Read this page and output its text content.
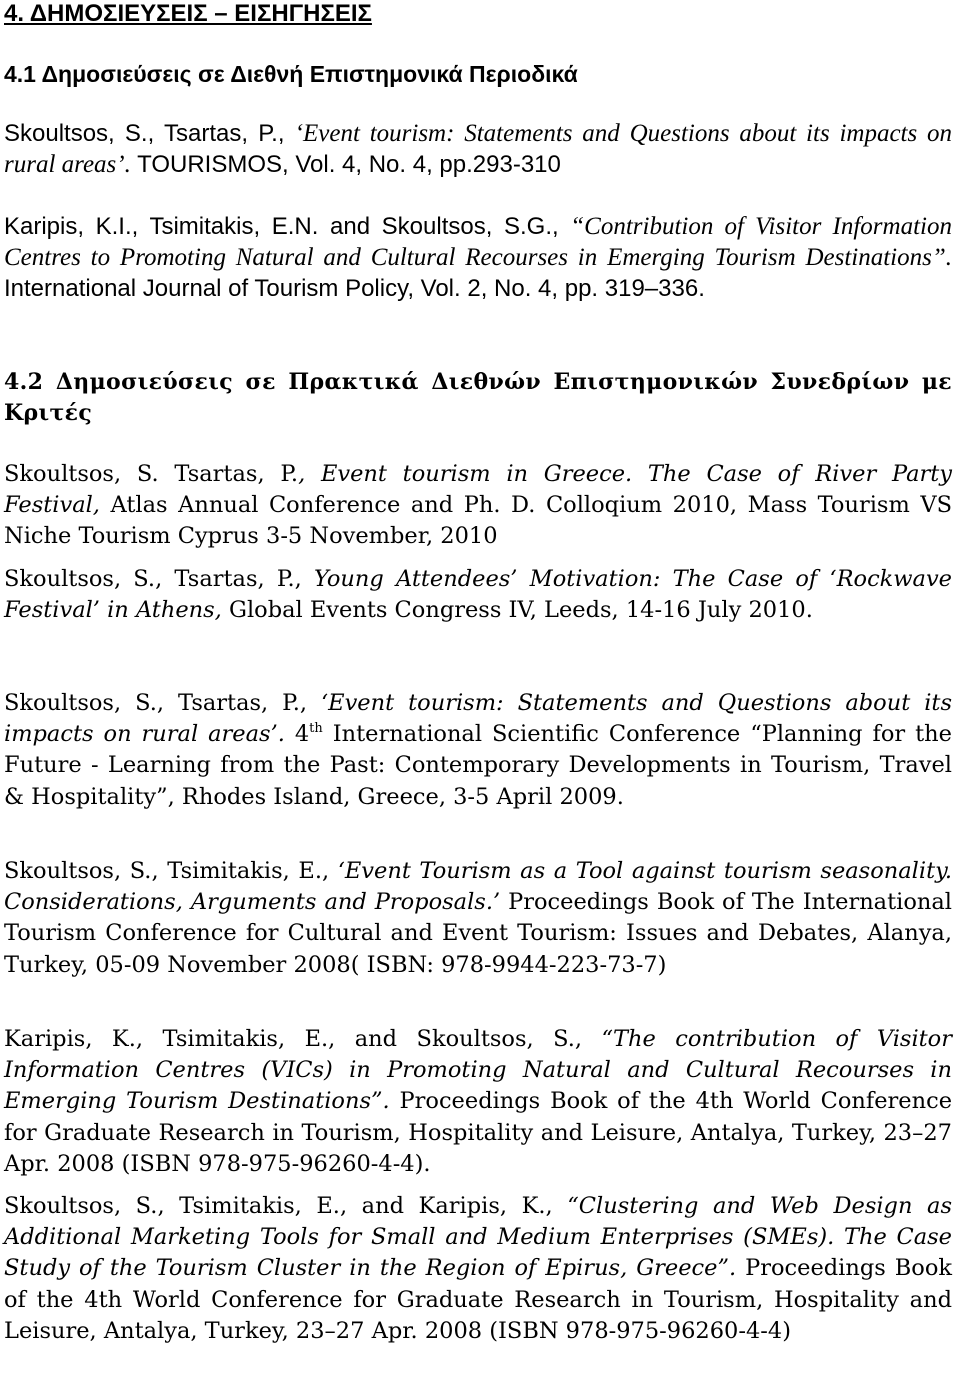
4. ΔΗΜΟΣΙΕΥΣΕΙΣ – ΕΙΣΗΓΗΣΕΙΣ
4.1 Δημοσιεύσεις σε Διεθνή Επιστημονικά Περιοδικά

Skoultsos, S., Tsartas, P., ‘Event tourism: Statements and Questions about its impacts on rural areas’. TOURISMOS, Vol. 4, No. 4, pp.293-310

Karipis, K.I., Tsimitakis, E.N. and Skoultsos, S.G., “Contribution of Visitor Information Centres to Promoting Natural and Cultural Recourses in Emerging Tourism Destinations”. International Journal of Tourism Policy, Vol. 2, No. 4, pp. 319–336.

4.2 Δημοσιεύσεις σε Πρακτικά Διεθνών Επιστημονικών Συνεδρίων με Κριτές

Skoultsos, S. Tsartas, P., Event tourism in Greece. The Case of River Party Festival, Atlas Annual Conference and Ph. D. Colloqium 2010, Mass Tourism VS Niche Tourism Cyprus 3-5 November, 2010

Skoultsos, S., Tsartas, P., Young Attendees’ Motivation: The Case of ‘Rockwave Festival’ in Athens, Global Events Congress IV, Leeds, 14-16 July 2010.

Skoultsos, S., Tsartas, P., ‘Event tourism: Statements and Questions about its impacts on rural areas’. 4th International Scientific Conference “Planning for the Future - Learning from the Past: Contemporary Developments in Tourism, Travel & Hospitality”, Rhodes Island, Greece, 3-5 April 2009.

Skoultsos, S., Tsimitakis, E., ‘Event Tourism as a Tool against tourism seasonality. Considerations, Arguments and Proposals.’ Proceedings Book of The International Tourism Conference for Cultural and Event Tourism: Issues and Debates, Alanya, Turkey, 05-09 November 2008( ISBN: 978-9944-223-73-7)

Karipis, K., Tsimitakis, E., and Skoultsos, S., “The contribution of Visitor Information Centres (VICs) in Promoting Natural and Cultural Recourses in Emerging Tourism Destinations”. Proceedings Book of the 4th World Conference for Graduate Research in Tourism, Hospitality and Leisure, Antalya, Turkey, 23–27 Apr. 2008 (ISBN 978-975-96260-4-4).

Skoultsos, S., Tsimitakis, E., and Karipis, K., “Clustering and Web Design as Additional Marketing Tools for Small and Medium Enterprises (SMEs). The Case Study of the Tourism Cluster in the Region of Epirus, Greece”. Proceedings Book of the 4th World Conference for Graduate Research in Tourism, Hospitality and Leisure, Antalya, Turkey, 23–27 Apr. 2008 (ISBN 978-975-96260-4-4)
